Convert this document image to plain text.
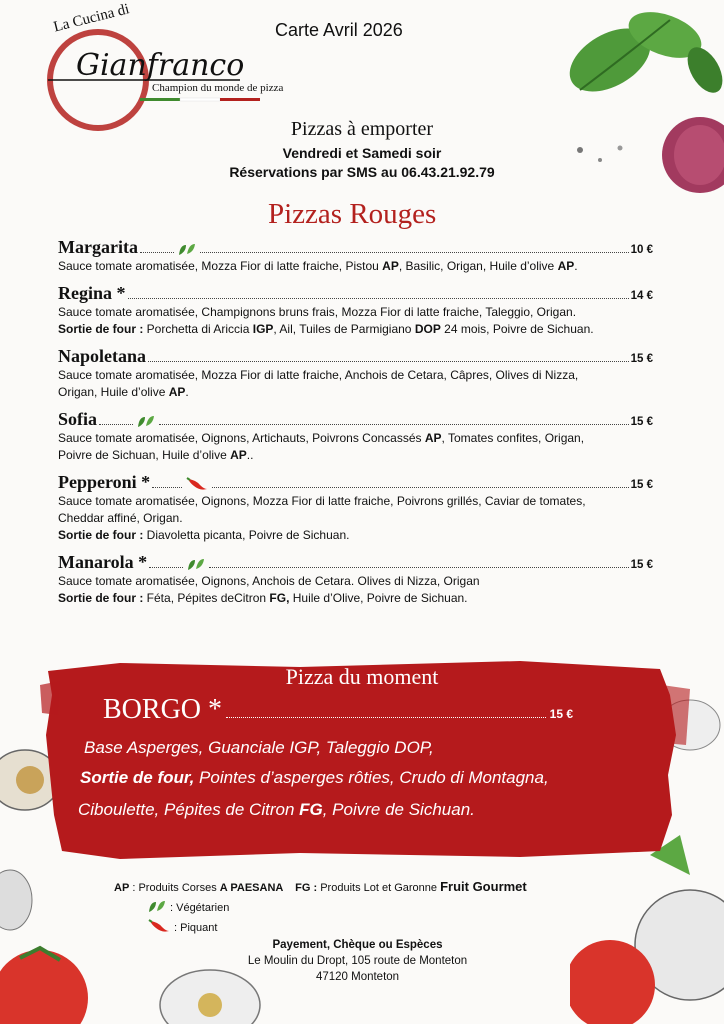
Carte Avril 2026
La Cucina di
Gianfranco
Champion du monde de pizza
Pizzas à emporter
Vendredi et Samedi soir
Réservations par SMS au 06.43.21.92.79
Pizzas Rouges
Margarita	10 €
Sauce tomate aromatisée, Mozza Fior di latte fraiche, Pistou AP, Basilic, Origan, Huile d’olive AP.
Regina *	14 €
Sauce tomate aromatisée, Champignons bruns frais, Mozza Fior di latte fraiche, Taleggio, Origan.
Sortie de four : Porchetta di Ariccia IGP, Ail, Tuiles de Parmigiano DOP 24 mois, Poivre de Sichuan.
Napoletana	15 €
Sauce tomate aromatisée, Mozza Fior di latte fraiche, Anchois de Cetara, Câpres, Olives di Nizza,
Origan, Huile d’olive AP.
Sofia	15 €
Sauce tomate aromatisée, Oignons, Artichauts, Poivrons Concassés AP, Tomates confites, Origan,
Poivre de Sichuan, Huile d’olive AP..
Pepperoni *	15 €
Sauce tomate aromatisée, Oignons, Mozza Fior di latte fraiche, Poivrons grillés, Caviar de tomates,
Cheddar affiné, Origan.
Sortie de four : Diavoletta picanta, Poivre de Sichuan.
Manarola *	15 €
Sauce tomate aromatisée, Oignons, Anchois de Cetara. Olives di Nizza, Origan
Sortie de four : Féta, Pépites deCitron FG, Huile d’Olive, Poivre de Sichuan.
Pizza du moment
BORGO *	15 €
Base Asperges, Guanciale IGP, Taleggio DOP,
Sortie de four, Pointes d’asperges rôties, Crudo di Montagna,
Ciboulette, Pépites de Citron FG, Poivre de Sichuan.
AP : Produits Corses A PAESANA FG : Produits Lot et Garonne Fruit Gourmet
: Végétarien
: Piquant
Payement, Chèque ou Espèces
Le Moulin du Dropt, 105 route de Monteton
47120 Monteton
